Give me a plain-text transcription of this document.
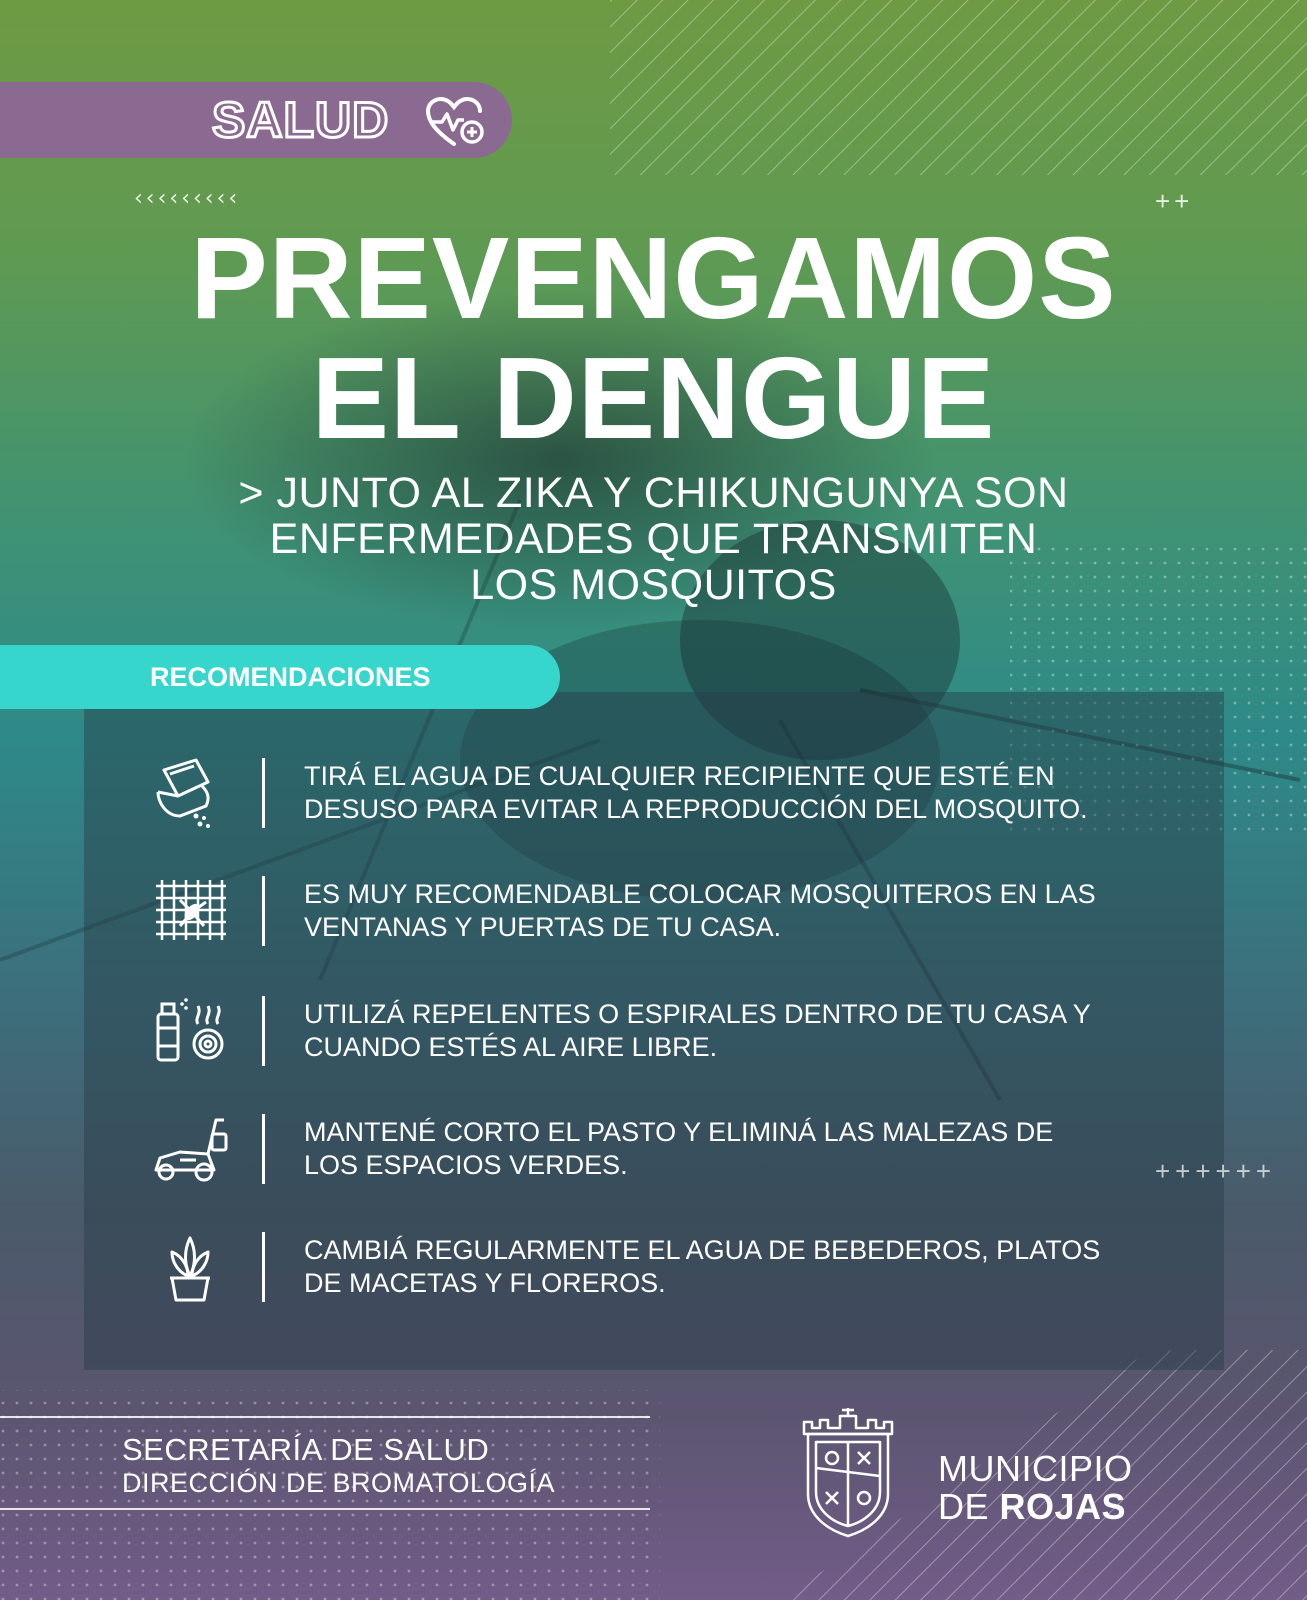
SALUD
‹‹‹‹‹‹‹‹‹	++
PREVENGAMOS
EL DENGUE
> JUNTO AL ZIKA Y CHIKUNGUNYA SON
ENFERMEDADES QUE TRANSMITEN
LOS MOSQUITOS
RECOMENDACIONES
TIRÁ EL AGUA DE CUALQUIER RECIPIENTE QUE ESTÉ EN
DESUSO PARA EVITAR LA REPRODUCCIÓN DEL MOSQUITO.
ES MUY RECOMENDABLE COLOCAR MOSQUITEROS EN LAS
VENTANAS Y PUERTAS DE TU CASA.
UTILIZÁ REPELENTES O ESPIRALES DENTRO DE TU CASA Y
CUANDO ESTÉS AL AIRE LIBRE.
MANTENÉ CORTO EL PASTO Y ELIMINÁ LAS MALEZAS DE
LOS ESPACIOS VERDES.
CAMBIÁ REGULARMENTE EL AGUA DE BEBEDEROS, PLATOS
DE MACETAS Y FLOREROS.
++++++
SECRETARÍA DE SALUD
DIRECCIÓN DE BROMATOLOGÍA	MUNICIPIO
DE ROJAS
